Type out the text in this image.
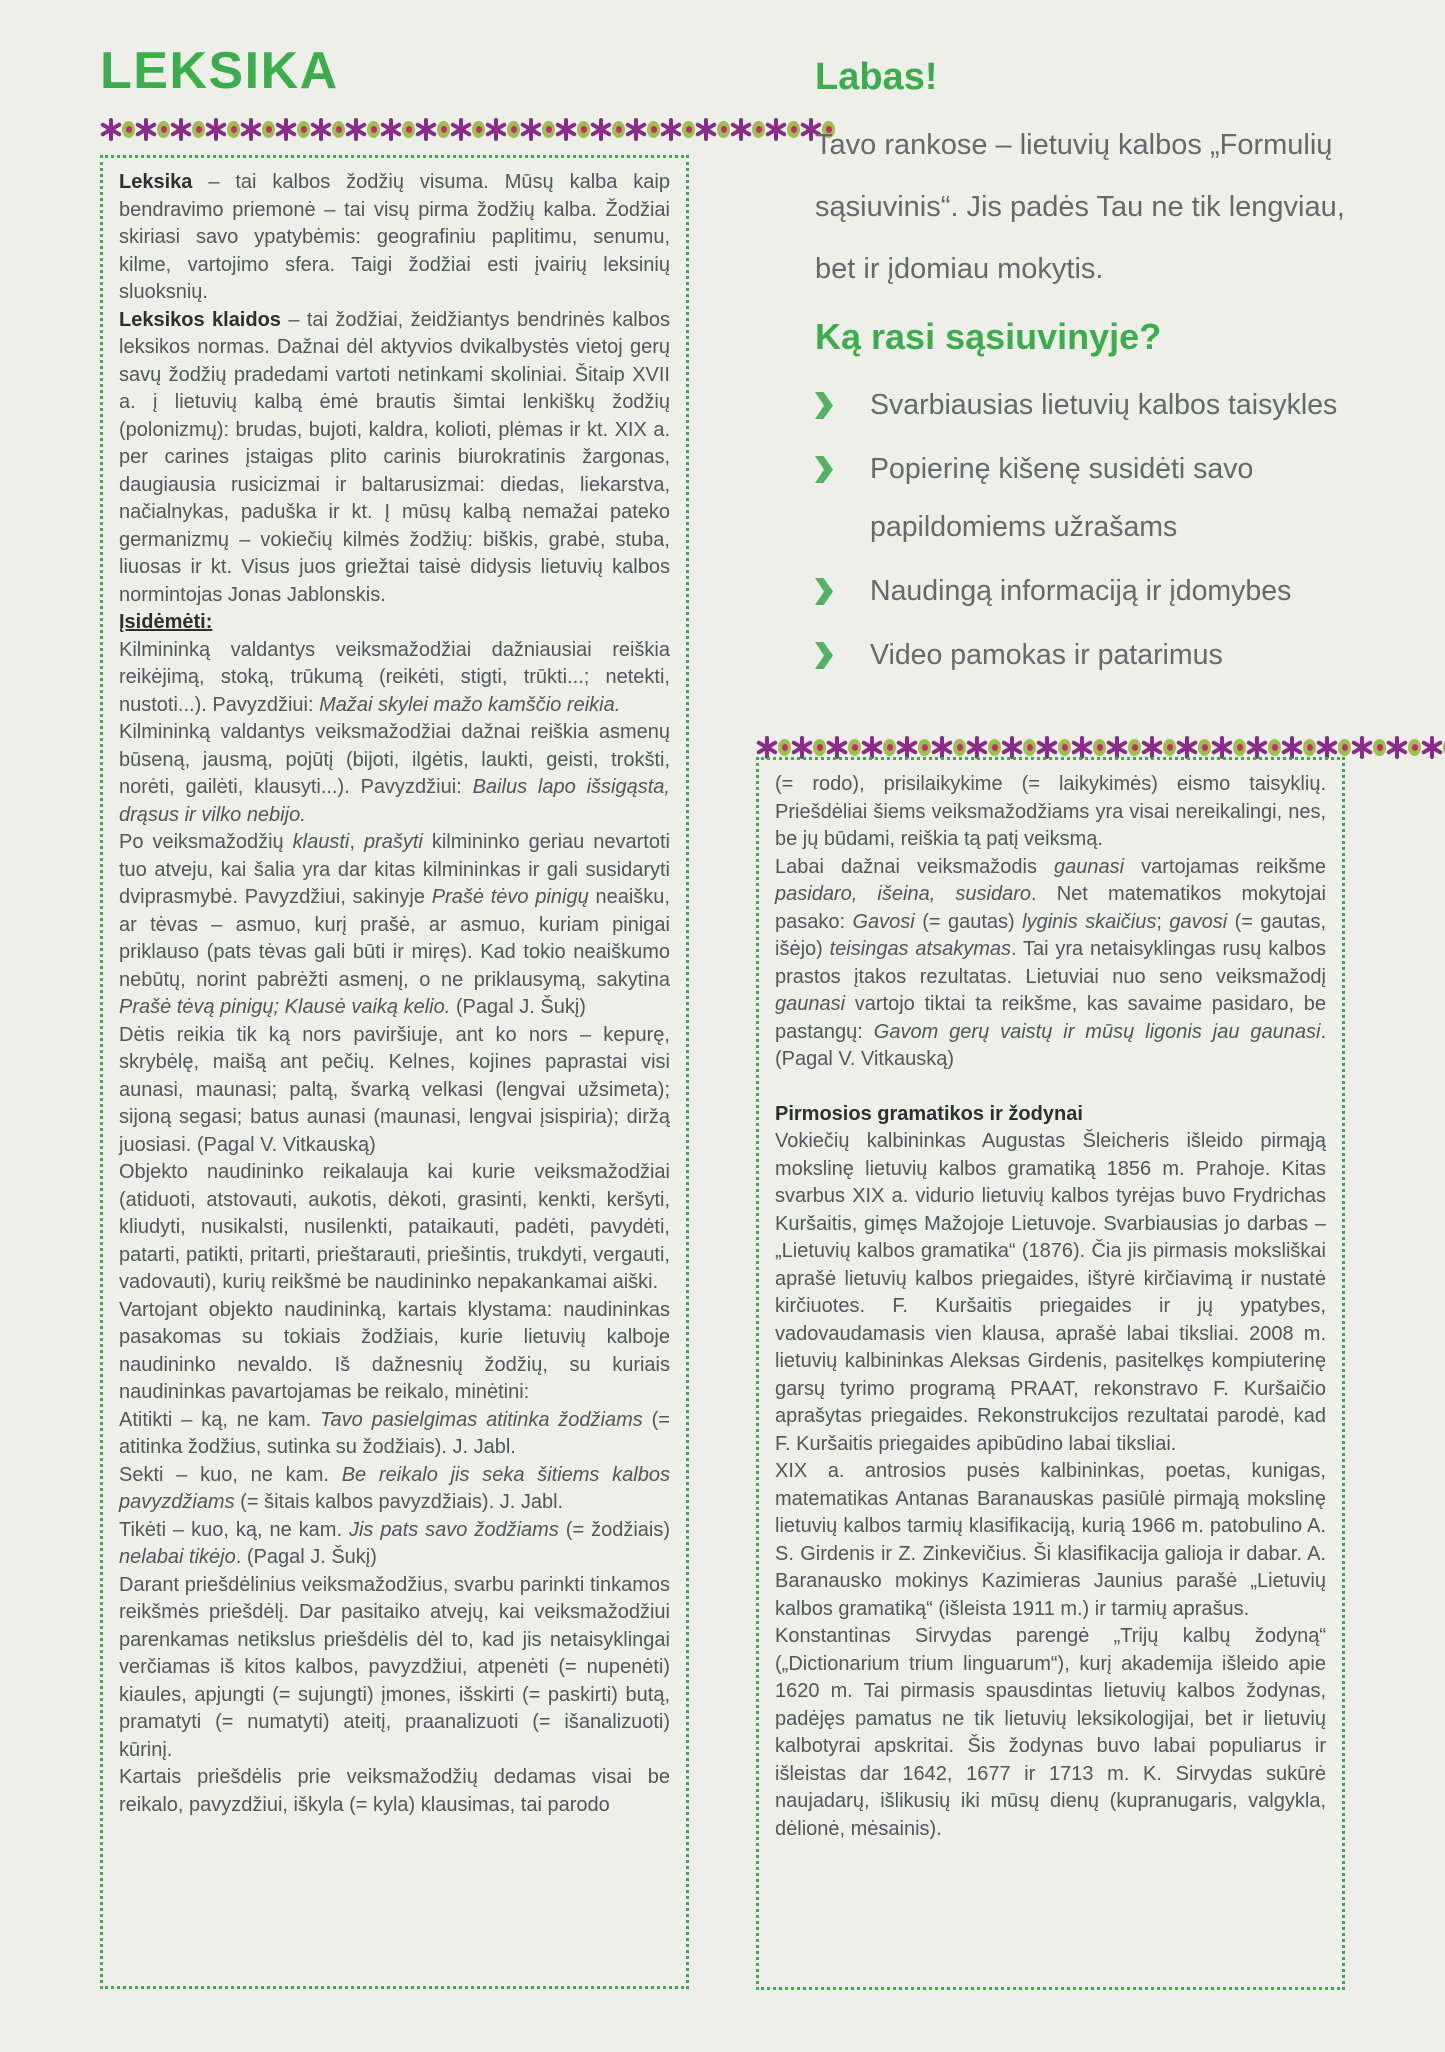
LEKSIKA

Leksika – tai kalbos žodžių visuma. Mūsų kalba kaip bendravimo priemonė – tai visų pirma žodžių kalba. Žodžiai skiriasi savo ypatybėmis: geografiniu paplitimu, senumu, kilme, vartojimo sfera. Taigi žodžiai esti įvairių leksinių sluoksnių.

Leksikos klaidos – tai žodžiai, žeidžiantys bendrinės kalbos leksikos normas. Dažnai dėl aktyvios dvikalbystės vietoj gerų savų žodžių pradedami vartoti netinkami skoliniai. Šitaip XVII a. į lietuvių kalbą ėmė brautis šimtai lenkiškų žodžių (polonizmų): brudas, bujoti, kaldra, kolioti, plėmas ir kt. XIX a. per carines įstaigas plito carinis biurokratinis žargonas, daugiausia rusicizmai ir baltarusizmai: diedas, liekarstva, načialnykas, paduška ir kt. Į mūsų kalbą nemažai pateko germanizmų – vokiečių kilmės žodžių: biškis, grabė, stuba, liuosas ir kt. Visus juos griežtai taisė didysis lietuvių kalbos normintojas Jonas Jablonskis.

Įsidėmėti:

Kilmininką valdantys veiksmažodžiai dažniausiai reiškia reikėjimą, stoką, trūkumą (reikėti, stigti, trūkti...; netekti, nustoti...). Pavyzdžiui: Mažai skylei mažo kamščio reikia.

Kilmininką valdantys veiksmažodžiai dažnai reiškia asmenų būseną, jausmą, pojūtį (bijoti, ilgėtis, laukti, geisti, trokšti, norėti, gailėti, klausyti...). Pavyzdžiui: Bailus lapo išsigąsta, drąsus ir vilko nebijo.

Po veiksmažodžių klausti, prašyti kilmininko geriau nevartoti tuo atveju, kai šalia yra dar kitas kilmininkas ir gali susidaryti dviprasmybė. Pavyzdžiui, sakinyje Prašė tėvo pinigų neaišku, ar tėvas – asmuo, kurį prašė, ar asmuo, kuriam pinigai priklauso (pats tėvas gali būti ir miręs). Kad tokio neaiškumo nebūtų, norint pabrėžti asmenį, o ne priklausymą, sakytina Prašė tėvą pinigų; Klausė vaiką kelio. (Pagal J. Šukį)

Dėtis reikia tik ką nors paviršiuje, ant ko nors – kepurę, skrybėlę, maišą ant pečių. Kelnes, kojines paprastai visi aunasi, maunasi; paltą, švarką velkasi (lengvai užsimeta); sijoną segasi; batus aunasi (maunasi, lengvai įsispiria); diržą juosiasi. (Pagal V. Vitkauską)

Objekto naudininko reikalauja kai kurie veiksmažodžiai (atiduoti, atstovauti, aukotis, dėkoti, grasinti, kenkti, keršyti, kliudyti, nusikalsti, nusilenkti, pataikauti, padėti, pavydėti, patarti, patikti, pritarti, prieštarauti, priešintis, trukdyti, vergauti, vadovauti), kurių reikšmė be naudininko nepakankamai aiški.

Vartojant objekto naudininką, kartais klystama: naudininkas pasakomas su tokiais žodžiais, kurie lietuvių kalboje naudininko nevaldo. Iš dažnesnių žodžių, su kuriais naudininkas pavartojamas be reikalo, minėtini:

Atitikti – ką, ne kam. Tavo pasielgimas atitinka žodžiams (= atitinka žodžius, sutinka su žodžiais). J. Jabl.

Sekti – kuo, ne kam. Be reikalo jis seka šitiems kalbos pavyzdžiams (= šitais kalbos pavyzdžiais). J. Jabl.

Tikėti – kuo, ką, ne kam. Jis pats savo žodžiams (= žodžiais) nelabai tikėjo. (Pagal J. Šukį)

Darant priešdėlinius veiksmažodžius, svarbu parinkti tinkamos reikšmės priešdėlį. Dar pasitaiko atvejų, kai veiksmažodžiui parenkamas netikslus priešdėlis dėl to, kad jis netaisyklingai verčiamas iš kitos kalbos, pavyzdžiui, atpenėti (= nupenėti) kiaules, apjungti (= sujungti) įmones, išskirti (= paskirti) butą, pramatyti (= numatyti) ateitį, praanalizuoti (= išanalizuoti) kūrinį.

Kartais priešdėlis prie veiksmažodžių dedamas visai be reikalo, pavyzdžiui, iškyla (= kyla) klausimas, tai parodo

Labas!

Tavo rankose – lietuvių kalbos „Formulių sąsiuvinis“. Jis padės Tau ne tik lengviau, bet ir įdomiau mokytis.

Ką rasi sąsiuvinyje?
Svarbiausias lietuvių kalbos taisykles
Popierinę kišenę susidėti savo papildomiems užrašams
Naudingą informaciją ir įdomybes
Video pamokas ir patarimus

(= rodo), prisilaikykime (= laikykimės) eismo taisyklių. Priešdėliai šiems veiksmažodžiams yra visai nereikalingi, nes, be jų būdami, reiškia tą patį veiksmą.

Labai dažnai veiksmažodis gaunasi vartojamas reikšme pasidaro, išeina, susidaro. Net matematikos mokytojai pasako: Gavosi (= gautas) lyginis skaičius; gavosi (= gautas, išėjo) teisingas atsakymas. Tai yra netaisyklingas rusų kalbos prastos įtakos rezultatas. Lietuviai nuo seno veiksmažodį gaunasi vartojo tiktai ta reikšme, kas savaime pasidaro, be pastangų: Gavom gerų vaistų ir mūsų ligonis jau gaunasi. (Pagal V. Vitkauską)

Pirmosios gramatikos ir žodynai

Vokiečių kalbininkas Augustas Šleicheris išleido pirmąją mokslinę lietuvių kalbos gramatiką 1856 m. Prahoje. Kitas svarbus XIX a. vidurio lietuvių kalbos tyrėjas buvo Frydrichas Kuršaitis, gimęs Mažojoje Lietuvoje. Svarbiausias jo darbas – „Lietuvių kalbos gramatika“ (1876). Čia jis pirmasis moksliškai aprašė lietuvių kalbos priegaides, ištyrė kirčiavimą ir nustatė kirčiuotes. F. Kuršaitis priegaides ir jų ypatybes, vadovaudamasis vien klausa, aprašė labai tiksliai. 2008 m. lietuvių kalbininkas Aleksas Girdenis, pasitelkęs kompiuterinę garsų tyrimo programą PRAAT, rekonstravo F. Kuršaičio aprašytas priegaides. Rekonstrukcijos rezultatai parodė, kad F. Kuršaitis priegaides apibūdino labai tiksliai.

XIX a. antrosios pusės kalbininkas, poetas, kunigas, matematikas Antanas Baranauskas pasiūlė pirmąją mokslinę lietuvių kalbos tarmių klasifikaciją, kurią 1966 m. patobulino A. S. Girdenis ir Z. Zinkevičius. Ši klasifikacija galioja ir dabar. A. Baranausko mokinys Kazimieras Jaunius parašė „Lietuvių kalbos gramatiką“ (išleista 1911 m.) ir tarmių aprašus.

Konstantinas Sirvydas parengė „Trijų kalbų žodyną“ („Dictionarium trium linguarum“), kurį akademija išleido apie 1620 m. Tai pirmasis spausdintas lietuvių kalbos žodynas, padėjęs pamatus ne tik lietuvių leksikologijai, bet ir lietuvių kalbotyrai apskritai. Šis žodynas buvo labai populiarus ir išleistas dar 1642, 1677 ir 1713 m. K. Sirvydas sukūrė naujadarų, išlikusių iki mūsų dienų (kupranugaris, valgykla, dėlionė, mėsainis).
